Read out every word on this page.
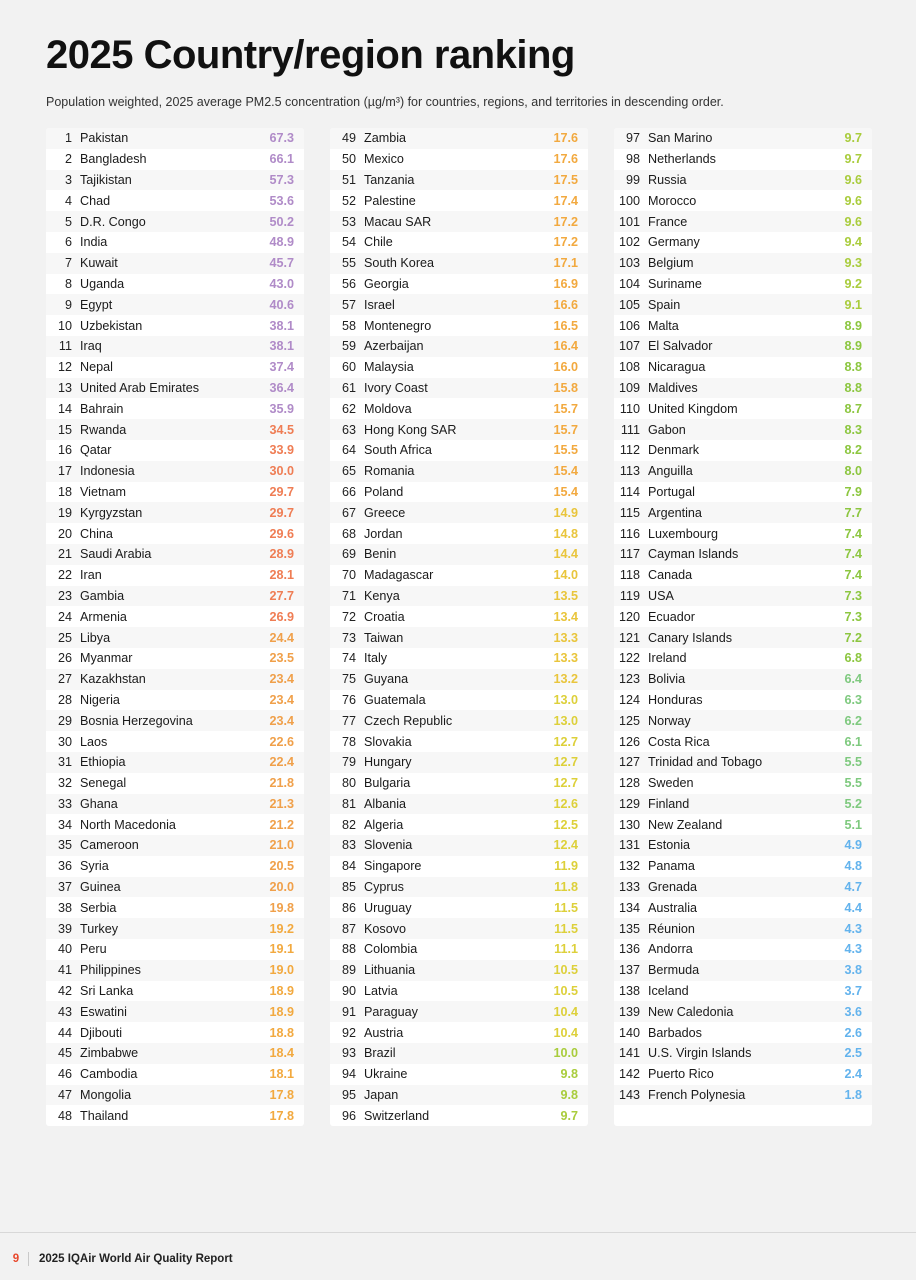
2025 Country/region ranking

Population weighted, 2025 average PM2.5 concentration (µg/m³) for countries, regions, and territories in descending order.

1 Pakistan	67.3
2 Bangladesh	66.1
3 Tajikistan	57.3
4 Chad	53.6
5 D.R. Congo	50.2
6 India	48.9
7 Kuwait	45.7
8 Uganda	43.0
9 Egypt	40.6
10 Uzbekistan	38.1
11 Iraq	38.1
12 Nepal	37.4
13 United Arab Emirates	36.4
14 Bahrain	35.9
15 Rwanda	34.5
16 Qatar	33.9
17 Indonesia	30.0
18 Vietnam	29.7
19 Kyrgyzstan	29.7
20 China	29.6
21 Saudi Arabia	28.9
22 Iran	28.1
23 Gambia	27.7
24 Armenia	26.9
25 Libya	24.4
26 Myanmar	23.5
27 Kazakhstan	23.4
28 Nigeria	23.4
29 Bosnia Herzegovina	23.4
30 Laos	22.6
31 Ethiopia	22.4
32 Senegal	21.8
33 Ghana	21.3
34 North Macedonia	21.2
35 Cameroon	21.0
36 Syria	20.5
37 Guinea	20.0
38 Serbia	19.8
39 Turkey	19.2
40 Peru	19.1
41 Philippines	19.0
42 Sri Lanka	18.9
43 Eswatini	18.9
44 Djibouti	18.8
45 Zimbabwe	18.4
46 Cambodia	18.1
47 Mongolia	17.8
48 Thailand	17.8
49 Zambia	17.6
50 Mexico	17.6
51 Tanzania	17.5
52 Palestine	17.4
53 Macau SAR	17.2
54 Chile	17.2
55 South Korea	17.1
56 Georgia	16.9
57 Israel	16.6
58 Montenegro	16.5
59 Azerbaijan	16.4
60 Malaysia	16.0
61 Ivory Coast	15.8
62 Moldova	15.7
63 Hong Kong SAR	15.7
64 South Africa	15.5
65 Romania	15.4
66 Poland	15.4
67 Greece	14.9
68 Jordan	14.8
69 Benin	14.4
70 Madagascar	14.0
71 Kenya	13.5
72 Croatia	13.4
73 Taiwan	13.3
74 Italy	13.3
75 Guyana	13.2
76 Guatemala	13.0
77 Czech Republic	13.0
78 Slovakia	12.7
79 Hungary	12.7
80 Bulgaria	12.7
81 Albania	12.6
82 Algeria	12.5
83 Slovenia	12.4
84 Singapore	11.9
85 Cyprus	11.8
86 Uruguay	11.5
87 Kosovo	11.5
88 Colombia	11.1
89 Lithuania	10.5
90 Latvia	10.5
91 Paraguay	10.4
92 Austria	10.4
93 Brazil	10.0
94 Ukraine	9.8
95 Japan	9.8
96 Switzerland	9.7
97 San Marino	9.7
98 Netherlands	9.7
99 Russia	9.6
100 Morocco	9.6
101 France	9.6
102 Germany	9.4
103 Belgium	9.3
104 Suriname	9.2
105 Spain	9.1
106 Malta	8.9
107 El Salvador	8.9
108 Nicaragua	8.8
109 Maldives	8.8
110 United Kingdom	8.7
111 Gabon	8.3
112 Denmark	8.2
113 Anguilla	8.0
114 Portugal	7.9
115 Argentina	7.7
116 Luxembourg	7.4
117 Cayman Islands	7.4
118 Canada	7.4
119 USA	7.3
120 Ecuador	7.3
121 Canary Islands	7.2
122 Ireland	6.8
123 Bolivia	6.4
124 Honduras	6.3
125 Norway	6.2
126 Costa Rica	6.1
127 Trinidad and Tobago	5.5
128 Sweden	5.5
129 Finland	5.2
130 New Zealand	5.1
131 Estonia	4.9
132 Panama	4.8
133 Grenada	4.7
134 Australia	4.4
135 Réunion	4.3
136 Andorra	4.3
137 Bermuda	3.8
138 Iceland	3.7
139 New Caledonia	3.6
140 Barbados	2.6
141 U.S. Virgin Islands	2.5
142 Puerto Rico	2.4
143 French Polynesia	1.8
9	2025 IQAir World Air Quality Report
